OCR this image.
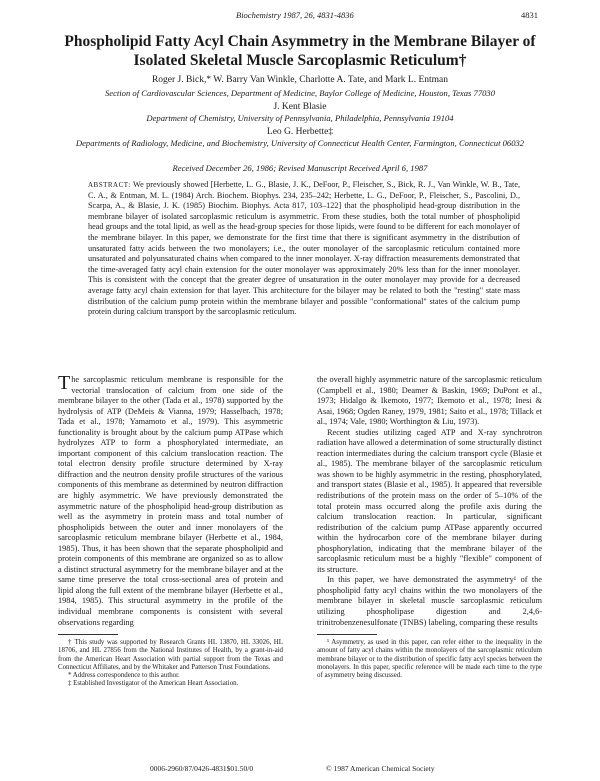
Biochemistry 1987, 26, 4831-4836	4831
Phospholipid Fatty Acyl Chain Asymmetry in the Membrane Bilayer of Isolated Skeletal Muscle Sarcoplasmic Reticulum†
Roger J. Bick,* W. Barry Van Winkle, Charlotte A. Tate, and Mark L. Entman
Section of Cardiovascular Sciences, Department of Medicine, Baylor College of Medicine, Houston, Texas 77030
J. Kent Blasie
Department of Chemistry, University of Pennsylvania, Philadelphia, Pennsylvania 19104
Leo G. Herbette‡
Departments of Radiology, Medicine, and Biochemistry, University of Connecticut Health Center, Farmington, Connecticut 06032
Received December 26, 1986; Revised Manuscript Received April 6, 1987
ABSTRACT: We previously showed [Herbette, L. G., Blasie, J. K., DeFoor, P., Fleischer, S., Bick, R. J., Van Winkle, W. B., Tate, C. A., & Entman, M. L. (1984) Arch. Biochem. Biophys. 234, 235–242; Herbette, L. G., DeFoor, P., Fleischer, S., Pascolini, D., Scarpa, A., & Blasie, J. K. (1985) Biochim. Biophys. Acta 817, 103–122] that the phospholipid head-group distribution in the membrane bilayer of isolated sarcoplasmic reticulum is asymmetric. From these studies, both the total number of phospholipid head groups and the total lipid, as well as the head-group species for those lipids, were found to be different for each monolayer of the membrane bilayer. In this paper, we demonstrate for the first time that there is significant asymmetry in the distribution of unsaturated fatty acids between the two monolayers; i.e., the outer monolayer of the sarcoplasmic reticulum contained more unsaturated and polyunsaturated chains when compared to the inner monolayer. X-ray diffraction measurements demonstrated that the time-averaged fatty acyl chain extension for the outer monolayer was approximately 20% less than for the inner monolayer. This is consistent with the concept that the greater degree of unsaturation in the outer monolayer may provide for a decreased average fatty acyl chain extension for that layer. This architecture for the bilayer may be related to both the "resting" state mass distribution of the calcium pump protein within the membrane bilayer and possible "conformational" states of the calcium pump protein during calcium transport by the sarcoplasmic reticulum.

The sarcoplasmic reticulum membrane is responsible for the vectorial translocation of calcium from one side of the membrane bilayer to the other (Tada et al., 1978) supported by the hydrolysis of ATP (DeMeis & Vianna, 1979; Hasselbach, 1978; Tada et al., 1978; Yamamoto et al., 1979). This asymmetric functionality is brought about by the calcium pump ATPase which hydrolyzes ATP to form a phosphorylated intermediate, an important component of this calcium translocation reaction. The total electron density profile structure determined by X-ray diffraction and the neutron density profile structures of the various components of this membrane as determined by neutron diffraction are highly asymmetric. We have previously demonstrated the asymmetric nature of the phospholipid head-group distribution as well as the asymmetry in protein mass and total number of phospholipids between the outer and inner monolayers of the sarcoplasmic reticulum membrane bilayer (Herbette et al., 1984, 1985). Thus, it has been shown that the separate phospholipid and protein components of this membrane are organized so as to allow a distinct structural asymmetry for the membrane bilayer and at the same time preserve the total cross-sectional area of protein and lipid along the full extent of the membrane bilayer (Herbette et al., 1984, 1985). This structural asymmetry in the profile of the individual membrane components is consistent with several observations regarding

† This study was supported by Research Grants HL 13870, HL 33026, HL 18706, and HL 27856 from the National Institutes of Health, by a grant-in-aid from the American Heart Association with partial support from the Texas and Connecticut Affiliates, and by the Whitaker and Patterson Trust Foundations.

* Address correspondence to this author.

‡ Established Investigator of the American Heart Association.

the overall highly asymmetric nature of the sarcoplasmic reticulum (Campbell et al., 1980; Deamer & Baskin, 1969; DuPont et al., 1973; Hidalgo & Ikemoto, 1977; Ikemoto et al., 1978; Inesi & Asai, 1968; Ogden Raney, 1979, 1981; Saito et al., 1978; Tillack et al., 1974; Vale, 1980; Worthington & Liu, 1973).

Recent studies utilizing caged ATP and X-ray synchrotron radiation have allowed a determination of some structurally distinct reaction intermediates during the calcium transport cycle (Blasie et al., 1985). The membrane bilayer of the sarcoplasmic reticulum was shown to be highly asymmetric in the resting, phosphorylated, and transport states (Blasie et al., 1985). It appeared that reversible redistributions of the protein mass on the order of 5–10% of the total protein mass occurred along the profile axis during the calcium translocation reaction. In particular, significant redistribution of the calcium pump ATPase apparently occurred within the hydrocarbon core of the membrane bilayer during phosphorylation, indicating that the membrane bilayer of the sarcoplasmic reticulum must be a highly "flexible" component of its structure.

In this paper, we have demonstrated the asymmetry¹ of the phospholipid fatty acyl chains within the two monolayers of the membrane bilayer in skeletal muscle sarcoplasmic reticulum utilizing phospholipase digestion and 2,4,6-trinitrobenzenesulfonate (TNBS) labeling, comparing these results

¹ Asymmetry, as used in this paper, can refer either to the inequality in the amount of fatty acyl chains within the monolayers of the sarcoplasmic reticulum membrane bilayer or to the distribution of specific fatty acyl species between the monolayers. In this paper, specific reference will be made each time to the type of asymmetry being discussed.

0006-2960/87/0426-4831$01.50/0	© 1987 American Chemical Society
